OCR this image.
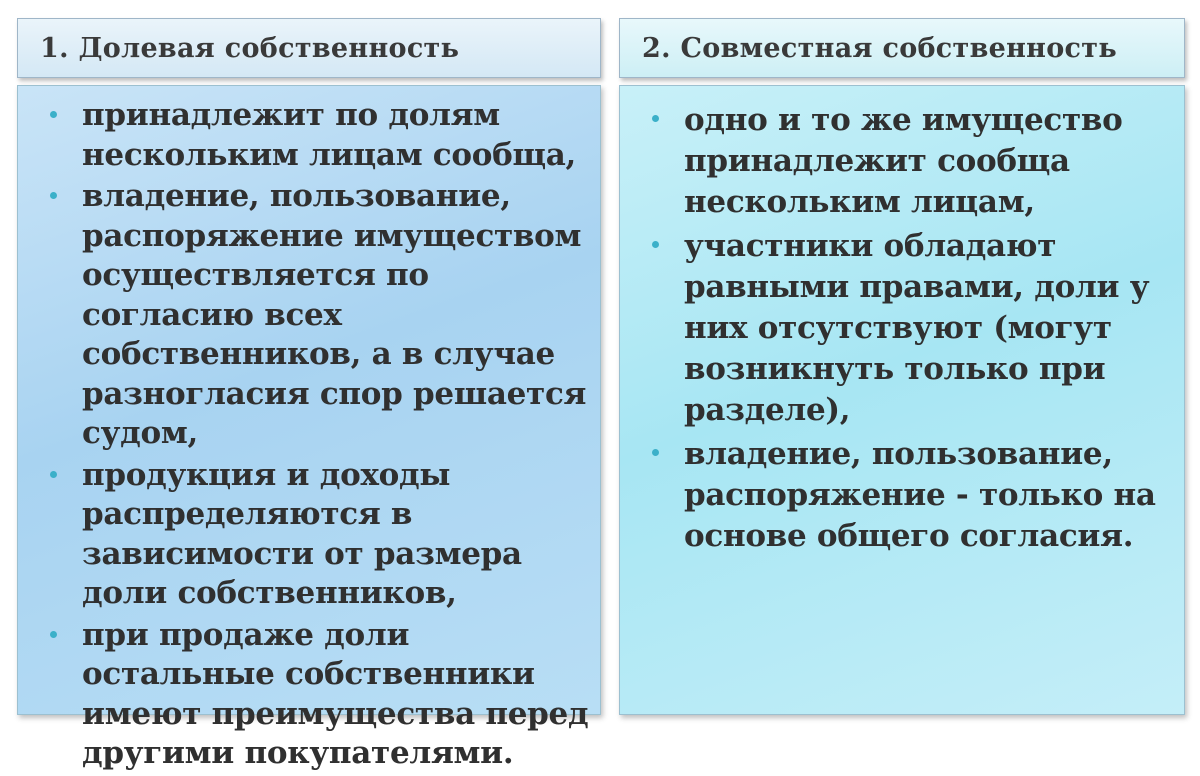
1. Долевая собственность	2. Совместная собственность
принадлежит по долям нескольким лицам сообща,
владение, пользование, распоряжение имуществом осуществляется по согласию всех собственников, а в случае разногласия спор решается судом,
продукция и доходы распределяются в зависимости от размера доли собственников,
при продаже доли остальные собственники имеют преимущества перед другими покупателями.
одно и то же имущество принадлежит сообща нескольким лицам,
участники обладают равными правами, доли у них отсутствуют (могут возникнуть только при разделе),
владение, пользование, распоряжение - только на основе общего согласия.
